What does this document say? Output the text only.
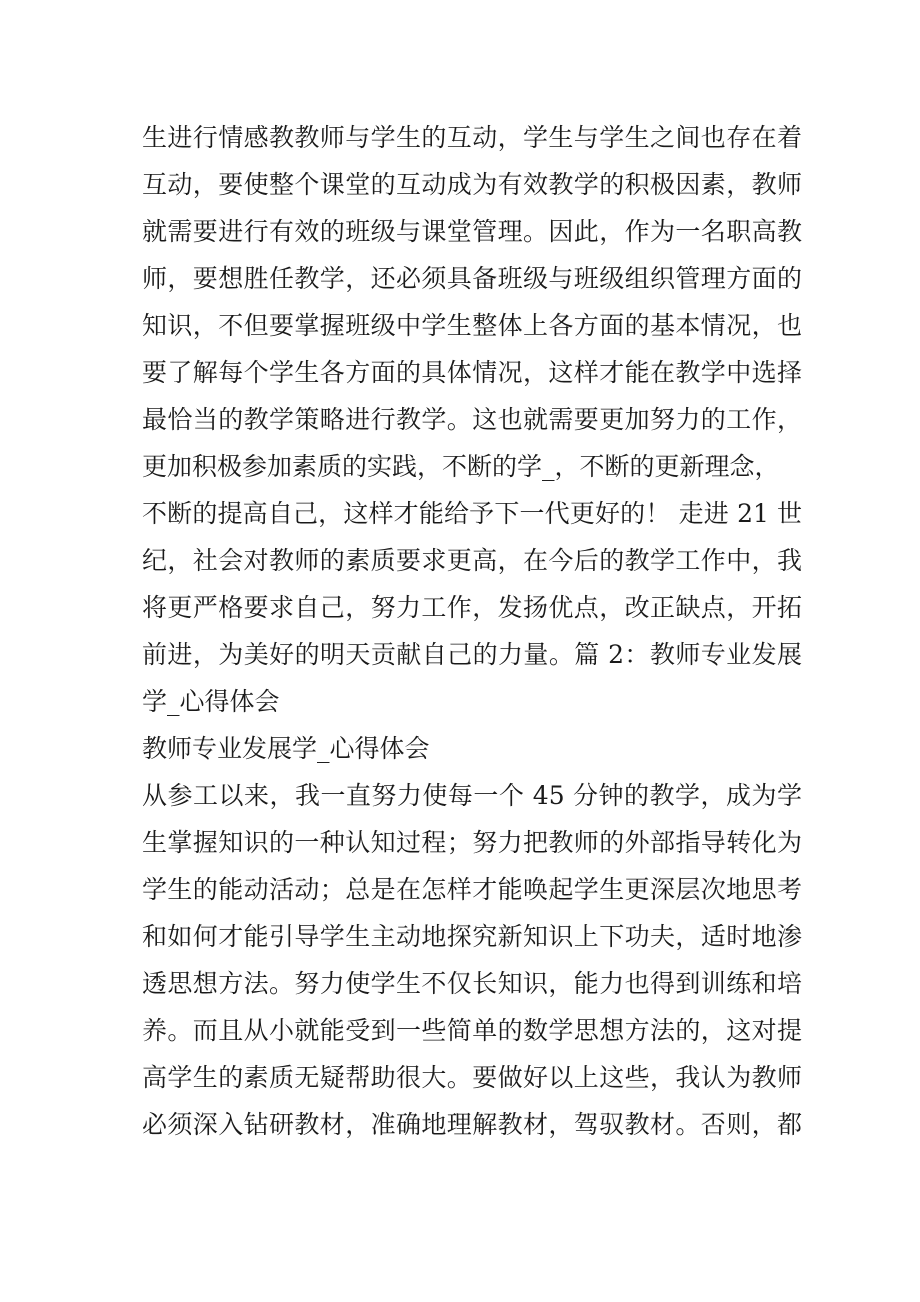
生进行情感教教师与学生的互动，学生与学生之间也存在着
互动，要使整个课堂的互动成为有效教学的积极因素，教师
就需要进行有效的班级与课堂管理。因此，作为一名职高教
师，要想胜任教学，还必须具备班级与班级组织管理方面的
知识，不但要掌握班级中学生整体上各方面的基本情况，也
要了解每个学生各方面的具体情况，这样才能在教学中选择
最恰当的教学策略进行教学。这也就需要更加努力的工作，
更加积极参加素质的实践，不断的学_，不断的更新理念，
不断的提高自己，这样才能给予下一代更好的！ 走进 21 世
纪，社会对教师的素质要求更高，在今后的教学工作中，我
将更严格要求自己，努力工作，发扬优点，改正缺点，开拓
前进，为美好的明天贡献自己的力量。篇 2：教师专业发展
学_心得体会
教师专业发展学_心得体会
从参工以来，我一直努力使每一个 45 分钟的教学，成为学
生掌握知识的一种认知过程；努力把教师的外部指导转化为
学生的能动活动；总是在怎样才能唤起学生更深层次地思考
和如何才能引导学生主动地探究新知识上下功夫，适时地渗
透思想方法。努力使学生不仅长知识，能力也得到训练和培
养。而且从小就能受到一些简单的数学思想方法的，这对提
高学生的素质无疑帮助很大。要做好以上这些，我认为教师
必须深入钻研教材，准确地理解教材，驾驭教材。否则，都
